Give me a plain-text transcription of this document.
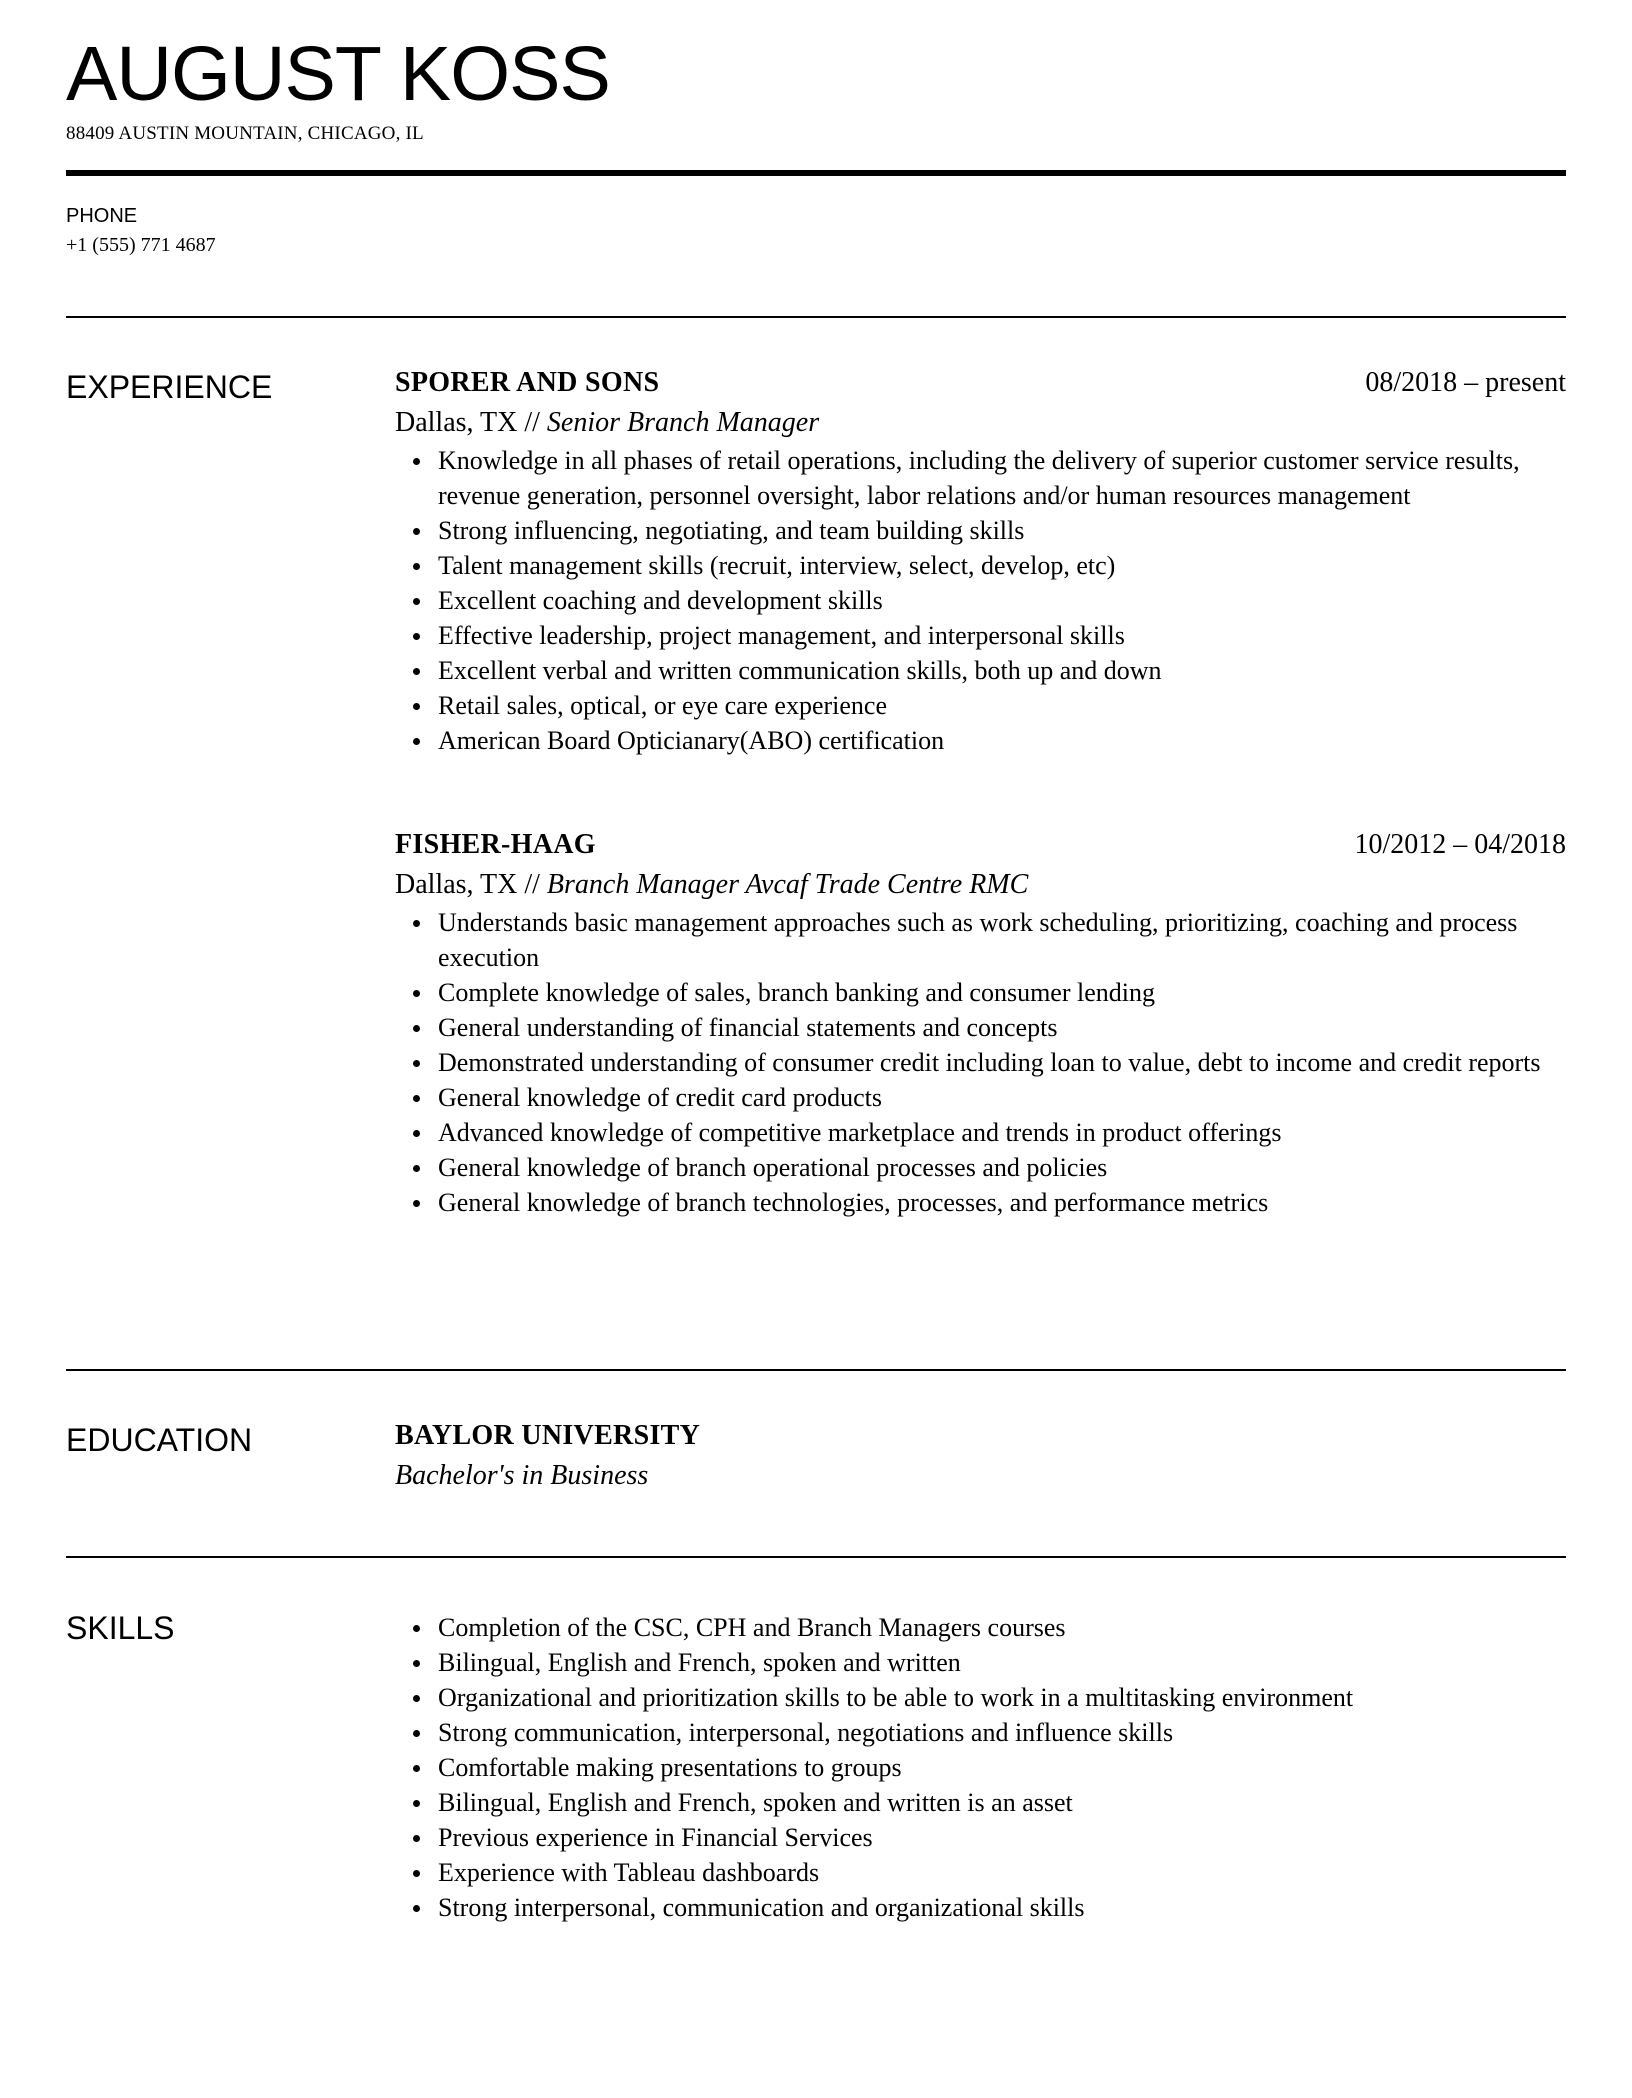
AUGUST KOSS
88409 AUSTIN MOUNTAIN, CHICAGO, IL
PHONE
+1 (555) 771 4687
EXPERIENCE	SPORER AND SONS	08/2018 – present
Dallas, TX // Senior Branch Manager
Knowledge in all phases of retail operations, including the delivery of superior customer service results, revenue generation, personnel oversight, labor relations and/or human resources management
Strong influencing, negotiating, and team building skills
Talent management skills (recruit, interview, select, develop, etc)
Excellent coaching and development skills
Effective leadership, project management, and interpersonal skills
Excellent verbal and written communication skills, both up and down
Retail sales, optical, or eye care experience
American Board Opticianary(ABO) certification
FISHER-HAAG	10/2012 – 04/2018
Dallas, TX // Branch Manager Avcaf Trade Centre RMC
Understands basic management approaches such as work scheduling, prioritizing, coaching and process execution
Complete knowledge of sales, branch banking and consumer lending
General understanding of financial statements and concepts
Demonstrated understanding of consumer credit including loan to value, debt to income and credit reports
General knowledge of credit card products
Advanced knowledge of competitive marketplace and trends in product offerings
General knowledge of branch operational processes and policies
General knowledge of branch technologies, processes, and performance metrics
EDUCATION	BAYLOR UNIVERSITY
Bachelor's in Business
SKILLS	Completion of the CSC, CPH and Branch Managers courses
Bilingual, English and French, spoken and written
Organizational and prioritization skills to be able to work in a multitasking environment
Strong communication, interpersonal, negotiations and influence skills
Comfortable making presentations to groups
Bilingual, English and French, spoken and written is an asset
Previous experience in Financial Services
Experience with Tableau dashboards
Strong interpersonal, communication and organizational skills
